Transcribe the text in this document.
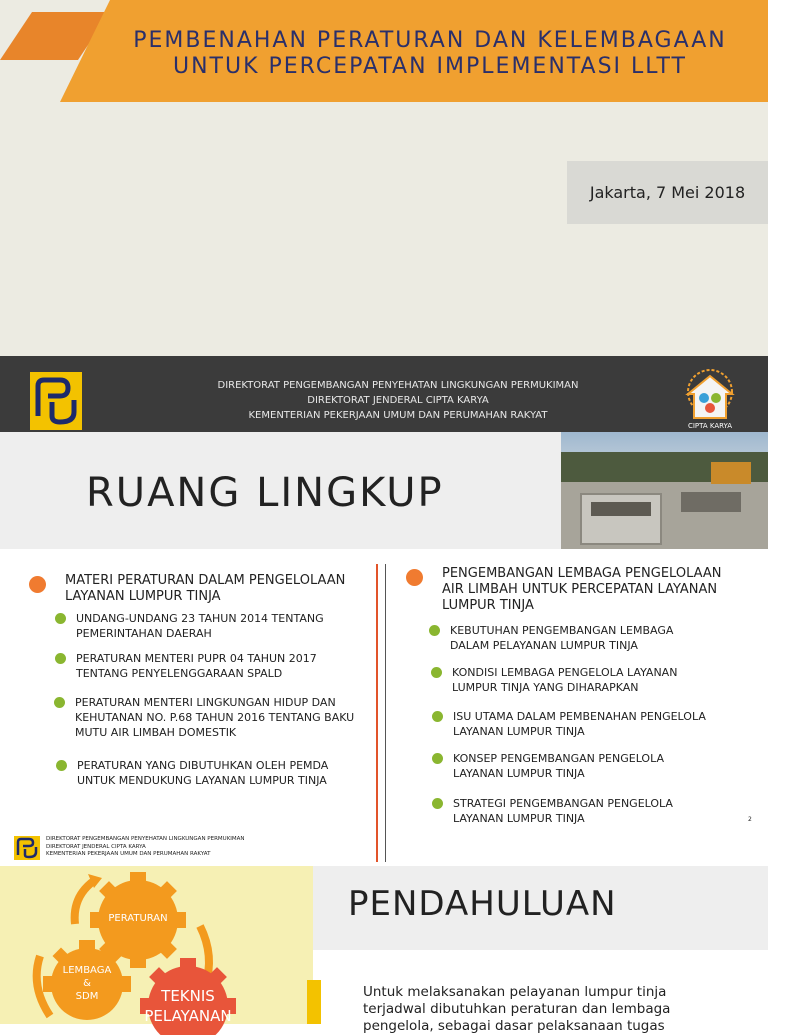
PEMBENAHAN PERATURAN DAN KELEMBAGAAN
UNTUK PERCEPATAN IMPLEMENTASI LLTT
Jakarta, 7 Mei 2018
DIREKTORAT PENGEMBANGAN PENYEHATAN LINGKUNGAN PERMUKIMAN
DIREKTORAT JENDERAL CIPTA KARYA
KEMENTERIAN PEKERJAAN UMUM DAN PERUMAHAN RAKYAT
CIPTA KARYA
RUANG LINGKUP
MATERI PERATURAN DALAM PENGELOLAAN LAYANAN LUMPUR TINJA
UNDANG-UNDANG 23 TAHUN 2014 TENTANG PEMERINTAHAN DAERAH
PERATURAN MENTERI PUPR 04 TAHUN 2017 TENTANG PENYELENGGARAAN SPALD
PERATURAN MENTERI LINGKUNGAN HIDUP DAN KEHUTANAN NO. P.68 TAHUN 2016 TENTANG BAKU MUTU AIR LIMBAH DOMESTIK
PERATURAN YANG DIBUTUHKAN OLEH PEMDA UNTUK MENDUKUNG LAYANAN LUMPUR TINJA
PENGEMBANGAN LEMBAGA PENGELOLAAN AIR LIMBAH UNTUK PERCEPATAN LAYANAN LUMPUR TINJA
KEBUTUHAN PENGEMBANGAN LEMBAGA DALAM PELAYANAN LUMPUR TINJA
KONDISI LEMBAGA PENGELOLA LAYANAN LUMPUR TINJA YANG DIHARAPKAN
ISU UTAMA DALAM PEMBENAHAN PENGELOLA LAYANAN LUMPUR TINJA
KONSEP PENGEMBANGAN PENGELOLA LAYANAN LUMPUR TINJA
STRATEGI PENGEMBANGAN PENGELOLA LAYANAN LUMPUR TINJA
DIREKTORAT PENGEMBANGAN PENYEHATAN LINGKUNGAN PERMUKIMAN
DIREKTORAT JENDERAL CIPTA KARYA
KEMENTERIAN PEKERJAAN UMUM DAN PERUMAHAN RAKYAT
2
PERATURAN
LEMBAGA
&
SDM	TEKNIS
PELAYANAN
PENDAHULUAN
Untuk melaksanakan pelayanan lumpur tinja terjadwal dibutuhkan peraturan dan lembaga pengelola, sebagai dasar pelaksanaan tugas
